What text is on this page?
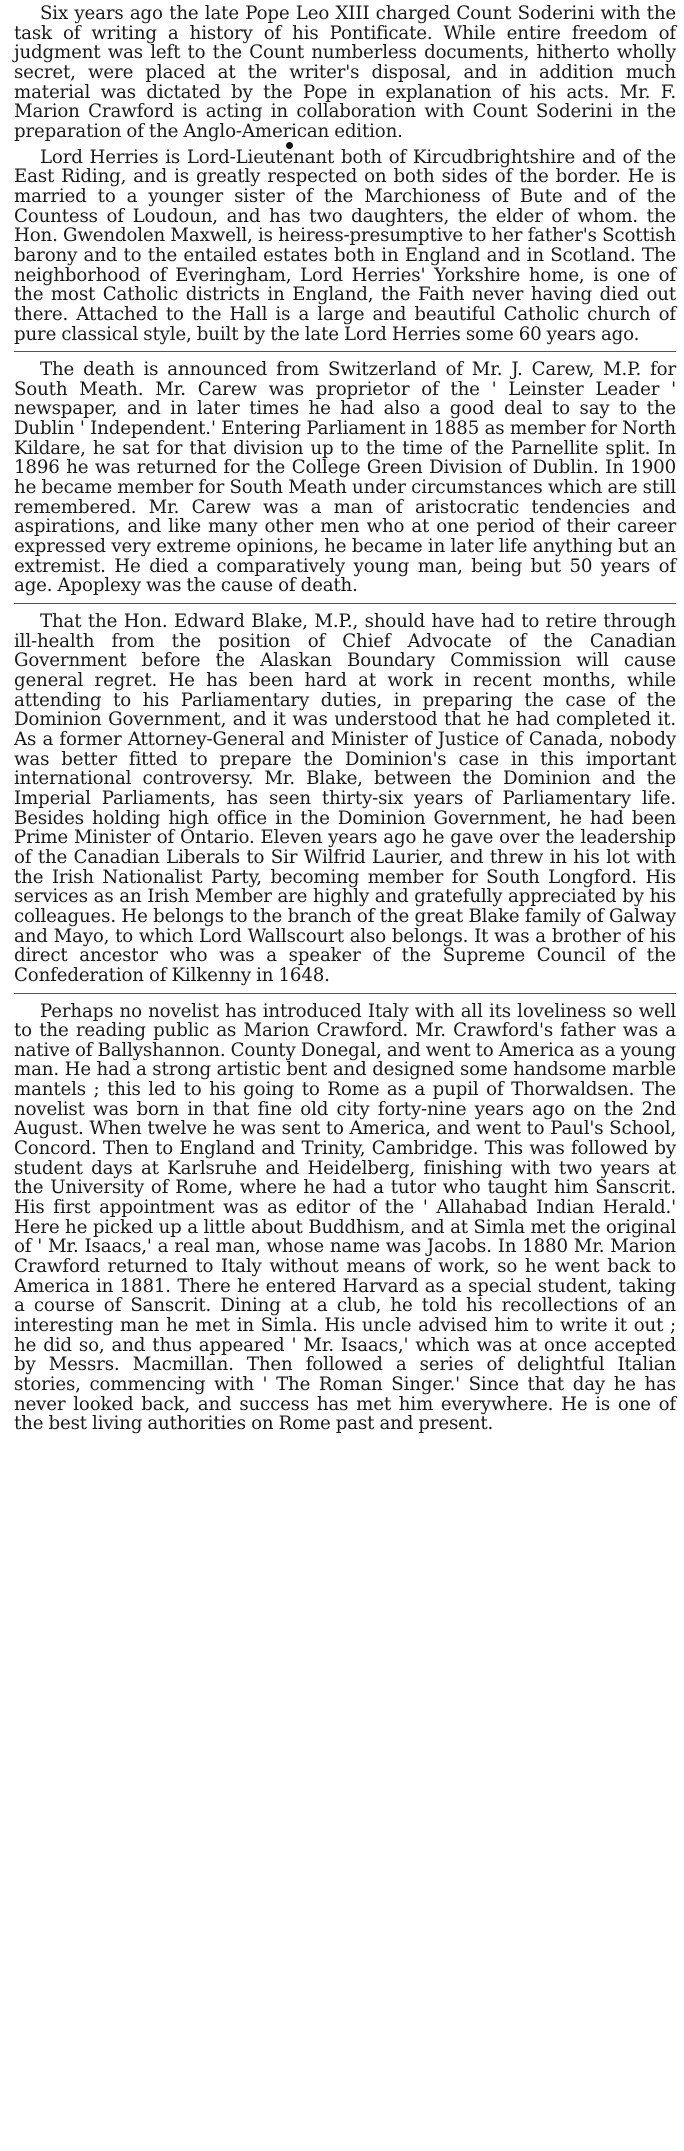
Six years ago the late Pope Leo XIII charged Count Soderini with the task of writing a history of his Pontificate. While entire freedom of judgment was left to the Count numberless documents, hitherto wholly secret, were placed at the writer's disposal, and in addition much material was dictated by the Pope in explanation of his acts. Mr. F. Marion Crawford is acting in collaboration with Count Soderini in the preparation of the Anglo-American edition.

Lord Herries is Lord-Lieutenant both of Kircudbrightshire and of the East Riding, and is greatly respected on both sides of the border. He is married to a younger sister of the Marchioness of Bute and of the Countess of Loudoun, and has two daughters, the elder of whom. the Hon. Gwendolen Maxwell, is heiress-presumptive to her father's Scottish barony and to the entailed estates both in England and in Scotland. The neighborhood of Everingham, Lord Herries' Yorkshire home, is one of the most Catholic districts in England, the Faith never having died out there. Attached to the Hall is a large and beautiful Catholic church of pure classical style, built by the late Lord Herries some 60 years ago.

The death is announced from Switzerland of Mr. J. Carew, M.P. for South Meath. Mr. Carew was proprietor of the ' Leinster Leader ' newspaper, and in later times he had also a good deal to say to the Dublin ' Independent.' Entering Parliament in 1885 as member for North Kildare, he sat for that division up to the time of the Parnellite split. In 1896 he was returned for the College Green Division of Dublin. In 1900 he became member for South Meath under circumstances which are still remembered. Mr. Carew was a man of aristocratic tendencies and aspirations, and like many other men who at one period of their career expressed very extreme opinions, he became in later life anything but an extremist. He died a comparatively young man, being but 50 years of age. Apoplexy was the cause of death.

That the Hon. Edward Blake, M.P., should have had to retire through ill-health from the position of Chief Advocate of the Canadian Government before the Alaskan Boundary Commission will cause general regret. He has been hard at work in recent months, while attending to his Parliamentary duties, in preparing the case of the Dominion Government, and it was understood that he had completed it. As a former Attorney-General and Minister of Justice of Canada, nobody was better fitted to prepare the Dominion's case in this important international controversy. Mr. Blake, between the Dominion and the Imperial Parliaments, has seen thirty-six years of Parliamentary life. Besides holding high office in the Dominion Government, he had been Prime Minister of Ontario. Eleven years ago he gave over the leadership of the Canadian Liberals to Sir Wilfrid Laurier, and threw in his lot with the Irish Nationalist Party, becoming member for South Longford. His services as an Irish Member are highly and gratefully appreciated by his colleagues. He belongs to the branch of the great Blake family of Galway and Mayo, to which Lord Wallscourt also belongs. It was a brother of his direct ancestor who was a speaker of the Supreme Council of the Confederation of Kilkenny in 1648.

Perhaps no novelist has introduced Italy with all its loveliness so well to the reading public as Marion Crawford. Mr. Crawford's father was a native of Ballyshannon. County Donegal, and went to America as a young man. He had a strong artistic bent and designed some handsome marble mantels ; this led to his going to Rome as a pupil of Thorwaldsen. The novelist was born in that fine old city forty-nine years ago on the 2nd August. When twelve he was sent to America, and went to Paul's School, Concord. Then to England and Trinity, Cambridge. This was followed by student days at Karlsruhe and Heidelberg, finishing with two years at the University of Rome, where he had a tutor who taught him Sanscrit. His first appointment was as editor of the ' Allahabad Indian Herald.' Here he picked up a little about Buddhism, and at Simla met the original of ' Mr. Isaacs,' a real man, whose name was Jacobs. In 1880 Mr. Marion Crawford returned to Italy without means of work, so he went back to America in 1881. There he entered Harvard as a special student, taking a course of Sanscrit. Dining at a club, he told his recollections of an interesting man he met in Simla. His uncle advised him to write it out ; he did so, and thus appeared ' Mr. Isaacs,' which was at once accepted by Messrs. Macmillan. Then followed a series of delightful Italian stories, commencing with ' The Roman Singer.' Since that day he has never looked back, and success has met him everywhere. He is one of the best living authorities on Rome past and present.
